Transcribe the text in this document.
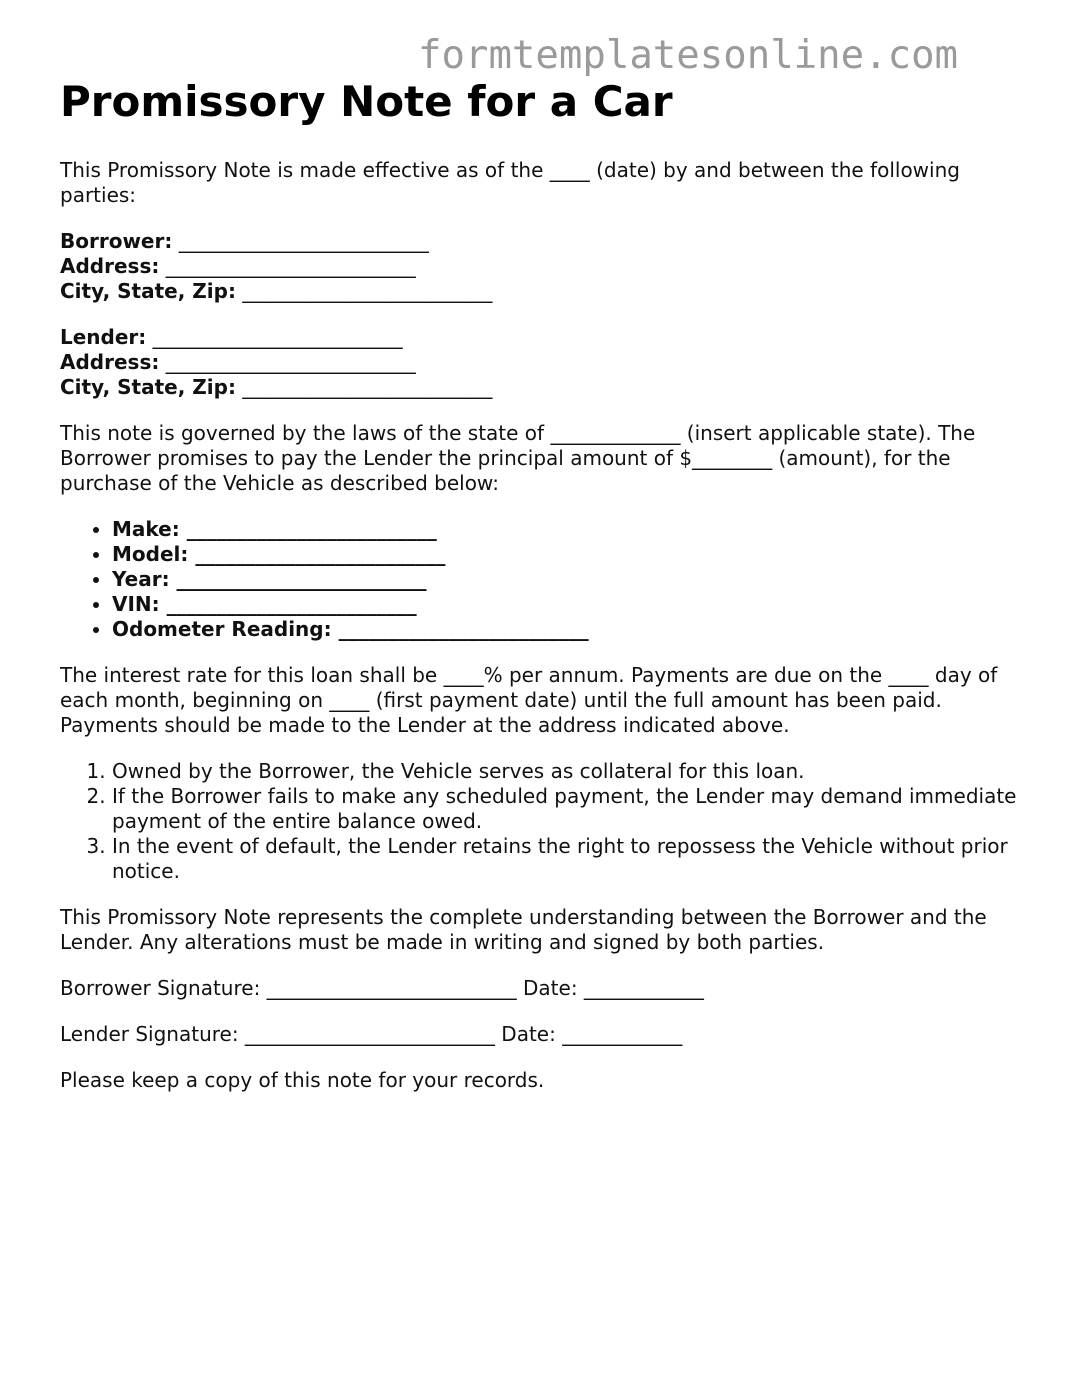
formtemplatesonline.com
Promissory Note for a Car

This Promissory Note is made effective as of the ____ (date) by and between the following parties:

Borrower: _________________________
Address: _________________________
City, State, Zip: _________________________
Lender: _________________________
Address: _________________________
City, State, Zip: _________________________

This note is governed by the laws of the state of _____________ (insert applicable state). The Borrower promises to pay the Lender the principal amount of $________ (amount), for the purchase of the Vehicle as described below:

• Make: _________________________
• Model: _________________________
• Year: _________________________
• VIN: _________________________
• Odometer Reading: _________________________

The interest rate for this loan shall be ____% per annum. Payments are due on the ____ day of each month, beginning on ____ (first payment date) until the full amount has been paid. Payments should be made to the Lender at the address indicated above.

1. Owned by the Borrower, the Vehicle serves as collateral for this loan.
2. If the Borrower fails to make any scheduled payment, the Lender may demand immediate payment of the entire balance owed.
3. In the event of default, the Lender retains the right to repossess the Vehicle without prior notice.

This Promissory Note represents the complete understanding between the Borrower and the Lender. Any alterations must be made in writing and signed by both parties.

Borrower Signature: _________________________ Date: ____________

Lender Signature: _________________________ Date: ____________

Please keep a copy of this note for your records.
